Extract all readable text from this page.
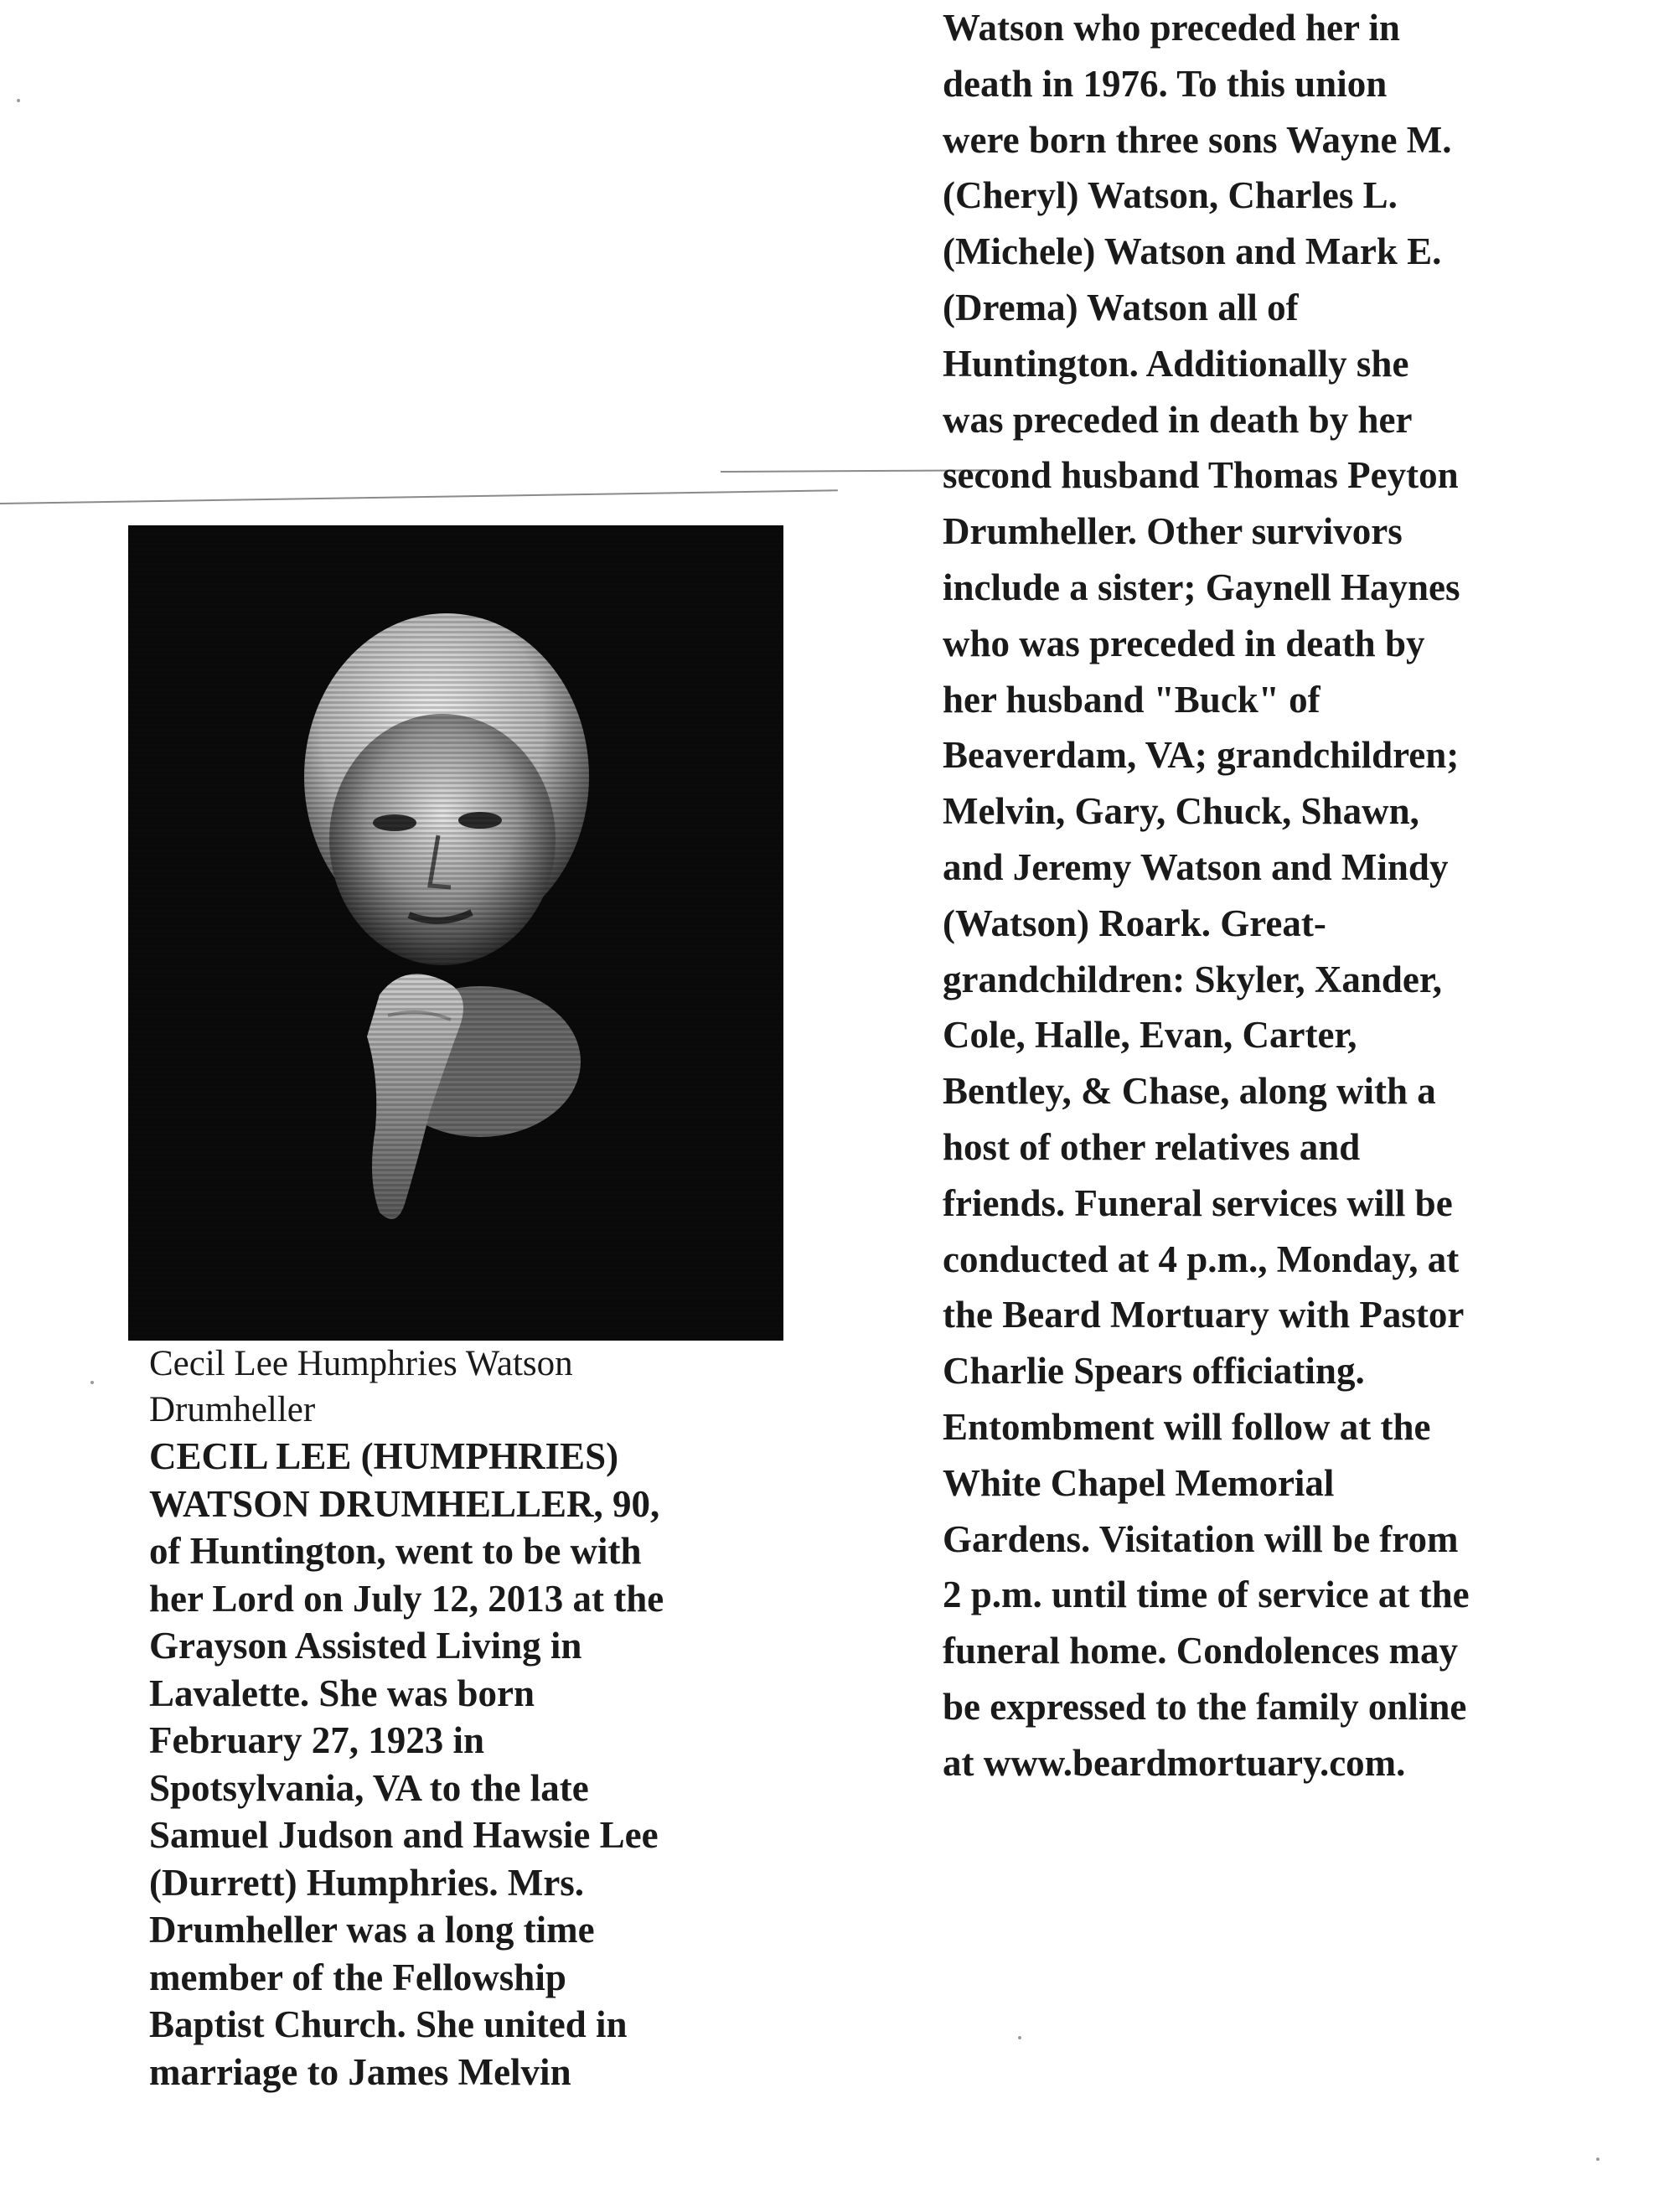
Cecil Lee Humphries Watson
Drumheller
CECIL LEE (HUMPHRIES)
WATSON DRUMHELLER, 90,
of Huntington, went to be with
her Lord on July 12, 2013 at the
Grayson Assisted Living in
Lavalette. She was born
February 27, 1923 in
Spotsylvania, VA to the late
Samuel Judson and Hawsie Lee
(Durrett) Humphries. Mrs.
Drumheller was a long time
member of the Fellowship
Baptist Church. She united in
marriage to James Melvin
Watson who preceded her in
death in 1976. To this union
were born three sons Wayne M.
(Cheryl) Watson, Charles L.
(Michele) Watson and Mark E.
(Drema) Watson all of
Huntington. Additionally she
was preceded in death by her
second husband Thomas Peyton
Drumheller. Other survivors
include a sister; Gaynell Haynes
who was preceded in death by
her husband "Buck" of
Beaverdam, VA; grandchildren;
Melvin, Gary, Chuck, Shawn,
and Jeremy Watson and Mindy
(Watson) Roark. Great-
grandchildren: Skyler, Xander,
Cole, Halle, Evan, Carter,
Bentley, & Chase, along with a
host of other relatives and
friends. Funeral services will be
conducted at 4 p.m., Monday, at
the Beard Mortuary with Pastor
Charlie Spears officiating.
Entombment will follow at the
White Chapel Memorial
Gardens. Visitation will be from
2 p.m. until time of service at the
funeral home. Condolences may
be expressed to the family online
at www.beardmortuary.com.
